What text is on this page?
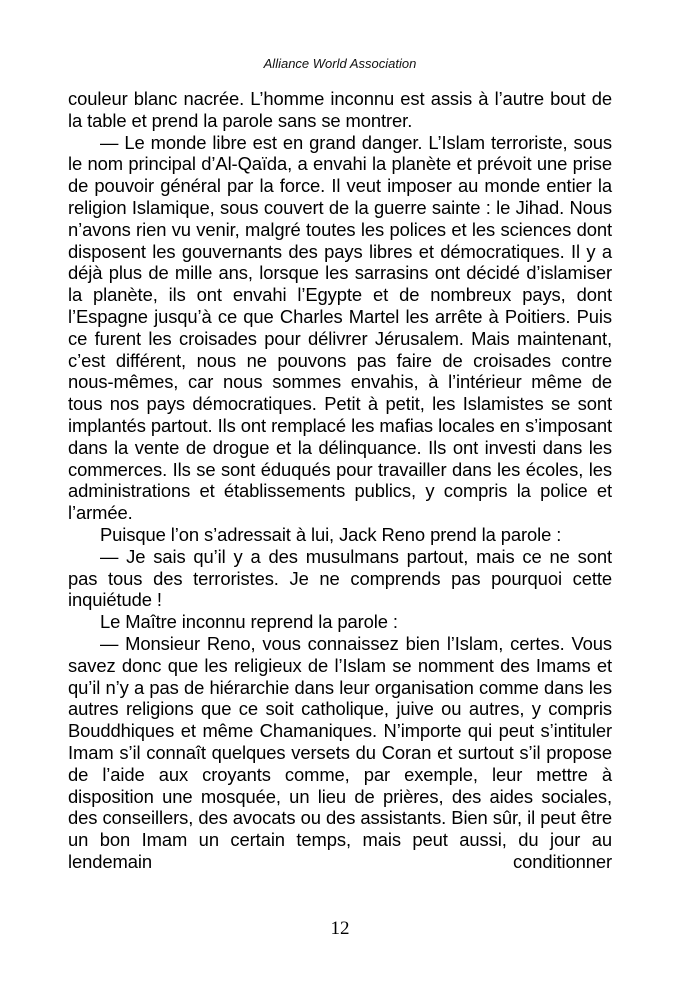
Alliance World Association

couleur blanc nacrée. L’homme inconnu est assis à l’autre bout de la table et prend la parole sans se montrer.

— Le monde libre est en grand danger. L’Islam terroriste, sous le nom principal d’Al-Qaïda, a envahi la planète et prévoit une prise de pouvoir général par la force. Il veut imposer au monde entier la religion Islamique, sous couvert de la guerre sainte : le Jihad. Nous n’avons rien vu venir, malgré toutes les polices et les sciences dont disposent les gouvernants des pays libres et démocratiques. Il y a déjà plus de mille ans, lorsque les sarrasins ont décidé d’islamiser la planète, ils ont envahi l’Egypte et de nombreux pays, dont l’Espagne jusqu’à ce que Charles Martel les arrête à Poitiers. Puis ce furent les croisades pour délivrer Jérusalem. Mais maintenant, c’est différent, nous ne pouvons pas faire de croisades contre nous-mêmes, car nous sommes envahis, à l’intérieur même de tous nos pays démocratiques. Petit à petit, les Islamistes se sont implantés partout. Ils ont remplacé les mafias locales en s’imposant dans la vente de drogue et la délinquance. Ils ont investi dans les commerces. Ils se sont éduqués pour travailler dans les écoles, les administrations et établissements publics, y compris la police et l’armée.

Puisque l’on s’adressait à lui, Jack Reno prend la parole :

— Je sais qu’il y a des musulmans partout, mais ce ne sont pas tous des terroristes. Je ne comprends pas pourquoi cette inquiétude !

Le Maître inconnu reprend la parole :

— Monsieur Reno, vous connaissez bien l’Islam, certes. Vous savez donc que les religieux de l’Islam se nomment des Imams et qu’il n’y a pas de hiérarchie dans leur organisation comme dans les autres religions que ce soit catholique, juive ou autres, y compris Bouddhiques et même Chamaniques. N’importe qui peut s’intituler Imam s’il connaît quelques versets du Coran et surtout s’il propose de l’aide aux croyants comme, par exemple, leur mettre à disposition une mosquée, un lieu de prières, des aides sociales, des conseillers, des avocats ou des assistants. Bien sûr, il peut être un bon Imam un certain temps, mais peut aussi, du jour au lendemain conditionner

12
